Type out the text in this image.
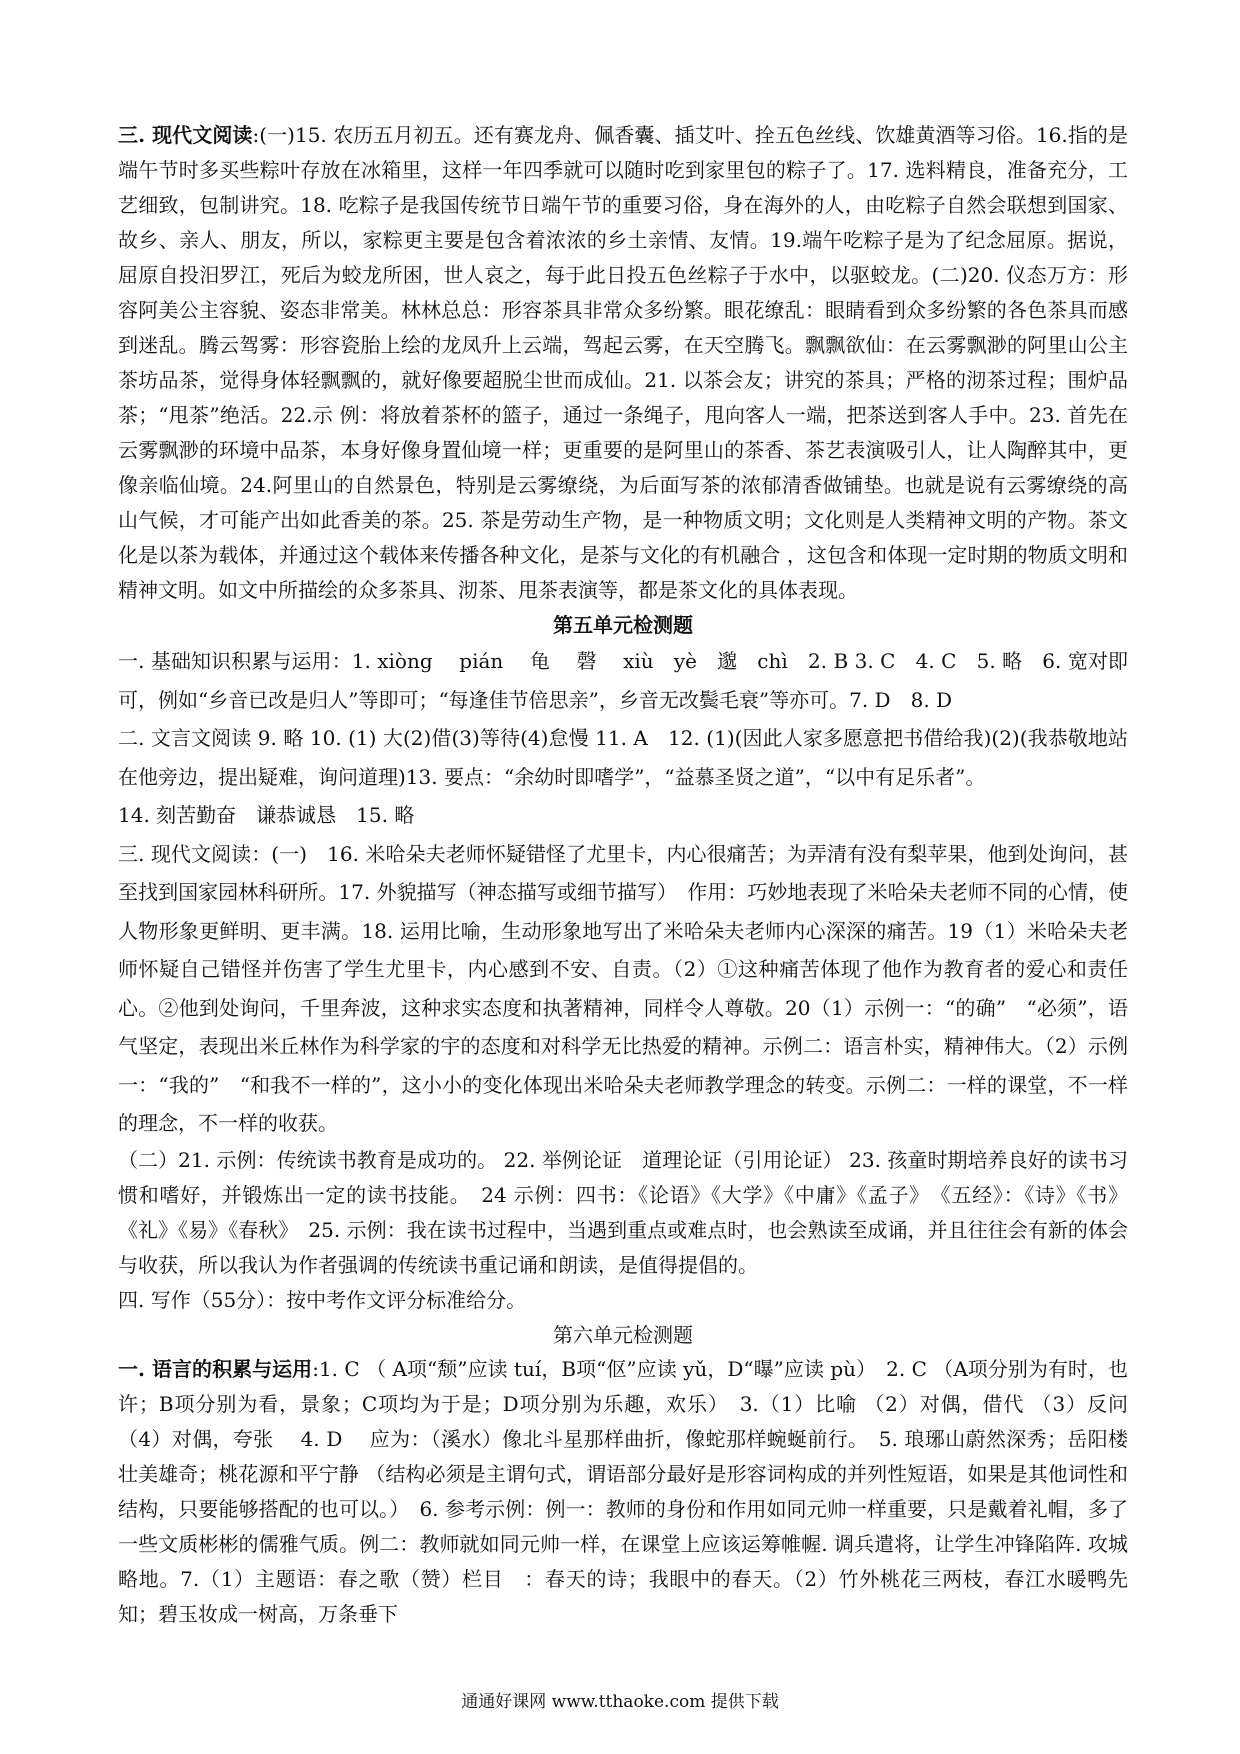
三. 现代文阅读:(一)15. 农历五月初五。还有赛龙舟、佩香囊、插艾叶、拴五色丝线、饮雄黄酒等习俗。16.指的是端午节时多买些粽叶存放在冰箱里，这样一年四季就可以随时吃到家里包的粽子了。17. 选料精良，准备充分，工艺细致，包制讲究。18. 吃粽子是我国传统节日端午节的重要习俗，身在海外的人，由吃粽子自然会联想到国家、故乡、亲人、朋友，所以，家粽更主要是包含着浓浓的乡土亲情、友情。19.端午吃粽子是为了纪念屈原。据说，屈原自投汨罗江，死后为蛟龙所困，世人哀之，每于此日投五色丝粽子于水中，以驱蛟龙。(二)20. 仪态万方：形容阿美公主容貌、姿态非常美。林林总总：形容茶具非常众多纷繁。眼花缭乱：眼睛看到众多纷繁的各色茶具而感到迷乱。腾云驾雾：形容瓷胎上绘的龙凤升上云端，驾起云雾，在天空腾飞。飘飘欲仙：在云雾飘渺的阿里山公主茶坊品茶，觉得身体轻飘飘的，就好像要超脱尘世而成仙。21. 以茶会友；讲究的茶具；严格的沏茶过程；围炉品茶；“甩茶”绝活。22.示 例：将放着茶杯的篮子，通过一条绳子，甩向客人一端，把茶送到客人手中。23. 首先在云雾飘渺的环境中品茶，本身好像身置仙境一样；更重要的是阿里山的茶香、茶艺表演吸引人，让人陶醉其中，更像亲临仙境。24.阿里山的自然景色，特别是云雾缭绕，为后面写茶的浓郁清香做铺垫。也就是说有云雾缭绕的高山气候，才可能产出如此香美的茶。25. 茶是劳动生产物，是一种物质文明；文化则是人类精神文明的产物。茶文化是以茶为载体，并通过这个载体来传播各种文化，是茶与文化的有机融合 ，这包含和体现一定时期的物质文明和精神文明。如文中所描绘的众多茶具、沏茶、甩茶表演等，都是茶文化的具体表现。

第五单元检测题

一. 基础知识积累与运用：1. xiòng　 pián　 龟　 磬　 xiù　yè　邈　chì　2. B 3. C　4. C　5. 略　6. 宽对即可，例如“乡音已改是归人”等即可；“每逢佳节倍思亲”，乡音无改鬓毛衰”等亦可。7. D　8. D

二. 文言文阅读 9. 略 10. (1) 大(2)借(3)等待(4)怠慢 11. A　12. (1)(因此人家多愿意把书借给我)(2)(我恭敬地站在他旁边，提出疑难，询问道理)13. 要点：“余幼时即嗜学”，“益慕圣贤之道”，“以中有足乐者”。

14. 刻苦勤奋　谦恭诚恳　15. 略

三. 现代文阅读：(一)　16. 米哈朵夫老师怀疑错怪了尤里卡，内心很痛苦；为弄清有没有梨苹果，他到处询问，甚至找到国家园林科研所。17. 外貌描写（神态描写或细节描写）　作用：巧妙地表现了米哈朵夫老师不同的心情，使人物形象更鲜明、更丰满。18. 运用比喻，生动形象地写出了米哈朵夫老师内心深深的痛苦。19（1）米哈朵夫老师怀疑自己错怪并伤害了学生尤里卡，内心感到不安、自责。（2）①这种痛苦体现了他作为教育者的爱心和责任心。②他到处询问，千里奔波，这种求实态度和执著精神，同样令人尊敬。20（1）示例一：“的确”　“必须”，语气坚定，表现出米丘林作为科学家的宇的态度和对科学无比热爱的精神。示例二：语言朴实，精神伟大。（2）示例一：“我的”　“和我不一样的”，这小小的变化体现出米哈朵夫老师教学理念的转变。示例二：一样的课堂，不一样的理念，不一样的收获。

（二）21. 示例：传统读书教育是成功的。 22. 举例论证　道理论证（引用论证） 23. 孩童时期培养良好的读书习惯和嗜好，并锻炼出一定的读书技能。　24 示例：四书：《论语》《大学》《中庸》《孟子》　《五经》：《诗》《书》《礼》《易》《春秋》　25. 示例：我在读书过程中，当遇到重点或难点时，也会熟读至成诵，并且往往会有新的体会与收获，所以我认为作者强调的传统读书重记诵和朗读，是值得提倡的。

四. 写作（55分）：按中考作文评分标准给分。

第六单元检测题

一. 语言的积累与运用:1. C （ A项“颓”应读 tuí，B项“伛”应读 yǔ，D“曝”应读 pù）　2. C （A项分别为有时，也许；B项分别为看，景象；C项均为于是；D项分别为乐趣，欢乐）　3.（1）比喻 （2）对偶，借代 （3）反问 （4）对偶，夸张　 4. D　 应为：（溪水）像北斗星那样曲折，像蛇那样蜿蜒前行。　5. 琅琊山蔚然深秀；岳阳楼壮美雄奇；桃花源和平宁静 （结构必须是主谓句式，谓语部分最好是形容词构成的并列性短语，如果是其他词性和结构，只要能够搭配的也可以。）　6. 参考示例：例一：教师的身份和作用如同元帅一样重要，只是戴着礼帽，多了一些文质彬彬的儒雅气质。例二：教师就如同元帅一样，在课堂上应该运筹帷幄. 调兵遣将，让学生冲锋陷阵. 攻城略地。7.（1）主题语：春之歌（赞）栏目　：春天的诗；我眼中的春天。（2）竹外桃花三两枝，春江水暖鸭先知；碧玉妆成一树高，万条垂下

通通好课网 www.tthaoke.com 提供下载
